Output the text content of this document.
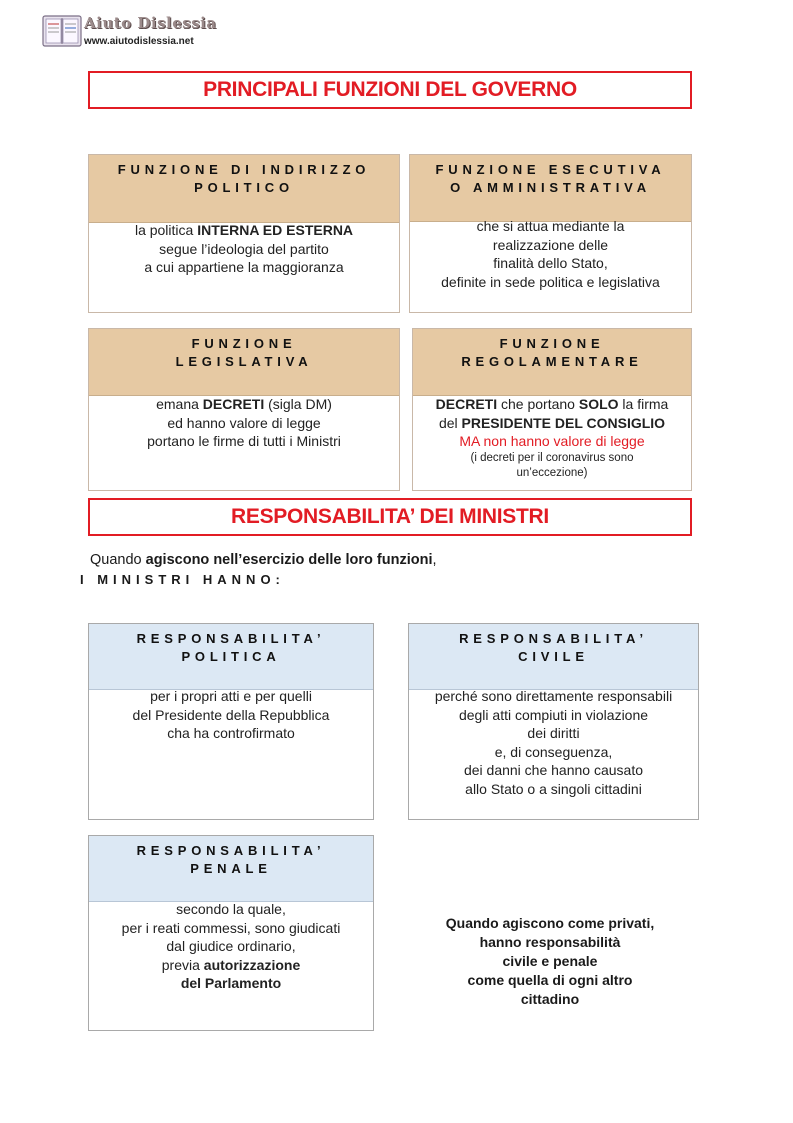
Aiuto Dislessia
www.aiutodislessia.net
PRINCIPALI FUNZIONI DEL GOVERNO
FUNZIONE DI INDIRIZZO
POLITICO
la politica INTERNA ED ESTERNA
segue l’ideologia del partito
a cui appartiene la maggioranza
FUNZIONE ESECUTIVA
O AMMINISTRATIVA
che si attua mediante la
realizzazione delle
finalità dello Stato,
definite in sede politica e legislativa
FUNZIONE
LEGISLATIVA
emana DECRETI (sigla DM)
ed hanno valore di legge
portano le firme di tutti i Ministri
FUNZIONE
REGOLAMENTARE
DECRETI che portano SOLO la firma
del PRESIDENTE DEL CONSIGLIO
MA non hanno valore di legge
(i decreti per il coronavirus sono
un’eccezione)
RESPONSABILITA’ DEI MINISTRI
Quando agiscono nell’esercizio delle loro funzioni,
I MINISTRI HANNO:
RESPONSABILITA’
POLITICA
per i propri atti e per quelli
del Presidente della Repubblica
cha ha controfirmato
RESPONSABILITA’
CIVILE
perché sono direttamente responsabili
degli atti compiuti in violazione
dei diritti
e, di conseguenza,
dei danni che hanno causato
allo Stato o a singoli cittadini
RESPONSABILITA’
PENALE
secondo la quale,
per i reati commessi, sono giudicati
dal giudice ordinario,
previa autorizzazione
del Parlamento
Quando agiscono come privati,
hanno responsabilità
civile e penale
come quella di ogni altro
cittadino
